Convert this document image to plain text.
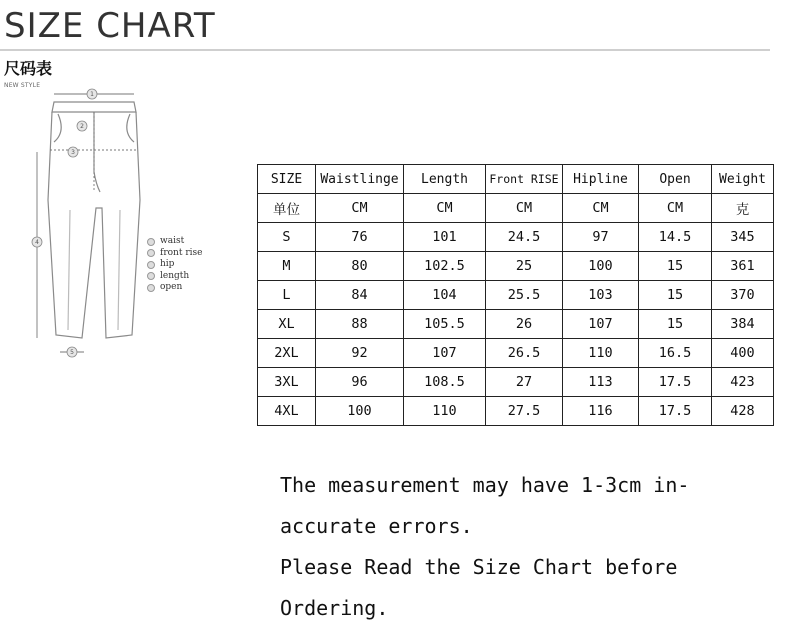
SIZE CHART
尺码表
NEW STYLE
1
2
3
4
5
waist
front rise
hip
length
open
SIZE	Waistlinge	Length	Front RISE	Hipline	Open	Weight
单位	CM	CM	CM	CM	CM	克
S	76	101	24.5	97	14.5	345
M	80	102.5	25	100	15	361
L	84	104	25.5	103	15	370
XL	88	105.5	26	107	15	384
2XL	92	107	26.5	110	16.5	400
3XL	96	108.5	27	113	17.5	423
4XL	100	110	27.5	116	17.5	428
The measurement may have 1-3cm in-
accurate errors.
Please Read the Size Chart before
Ordering.
